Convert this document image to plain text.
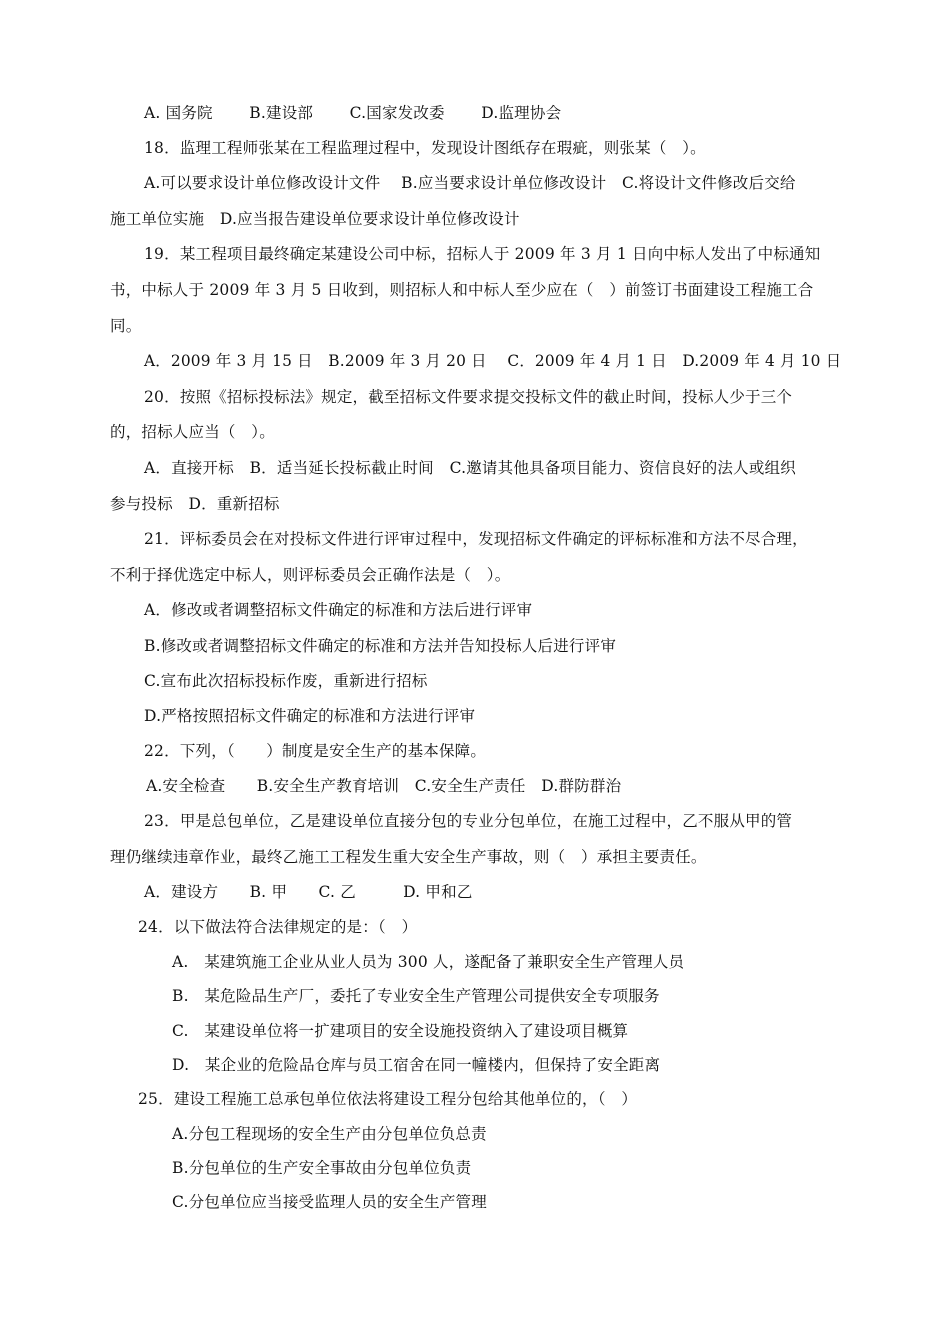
A. 国务院　　 B.建设部　　 C.国家发改委　　 D.监理协会
18．监理工程师张某在工程监理过程中，发现设计图纸存在瑕疵，则张某（　）。
A.可以要求设计单位修改设计文件　 B.应当要求设计单位修改设计　C.将设计文件修改后交给
施工单位实施　D.应当报告建设单位要求设计单位修改设计
19．某工程项目最终确定某建设公司中标，招标人于 2009 年 3 月 1 日向中标人发出了中标通知
书，中标人于 2009 年 3 月 5 日收到，则招标人和中标人至少应在（　）前签订书面建设工程施工合
同。
A．2009 年 3 月 15 日　B.2009 年 3 月 20 日　 C．2009 年 4 月 1 日　D.2009 年 4 月 10 日
20．按照《招标投标法》规定，截至招标文件要求提交投标文件的截止时间，投标人少于三个
的，招标人应当（　）。
A．直接开标　B．适当延长投标截止时间　C.邀请其他具备项目能力、资信良好的法人或组织
参与投标　D．重新招标
21．评标委员会在对投标文件进行评审过程中，发现招标文件确定的评标标准和方法不尽合理，
不利于择优选定中标人，则评标委员会正确作法是（　）。
A．修改或者调整招标文件确定的标准和方法后进行评审
B.修改或者调整招标文件确定的标准和方法并告知投标人后进行评审
C.宣布此次招标投标作废，重新进行招标
D.严格按照招标文件确定的标准和方法进行评审
22．下列，（　　）制度是安全生产的基本保障。
A.安全检查　　B.安全生产教育培训　C.安全生产责任　D.群防群治
23．甲是总包单位，乙是建设单位直接分包的专业分包单位，在施工过程中，乙不服从甲的管
理仍继续违章作业，最终乙施工工程发生重大安全生产事故，则（　）承担主要责任。
A．建设方　　B. 甲　　C. 乙　　　D. 甲和乙
24．以下做法符合法律规定的是：（　）
A.　某建筑施工企业从业人员为 300 人，遂配备了兼职安全生产管理人员
B.　某危险品生产厂，委托了专业安全生产管理公司提供安全专项服务
C.　某建设单位将一扩建项目的安全设施投资纳入了建设项目概算
D.　某企业的危险品仓库与员工宿舍在同一幢楼内，但保持了安全距离
25．建设工程施工总承包单位依法将建设工程分包给其他单位的，（　）
A.分包工程现场的安全生产由分包单位负总责
B.分包单位的生产安全事故由分包单位负责
C.分包单位应当接受监理人员的安全生产管理
